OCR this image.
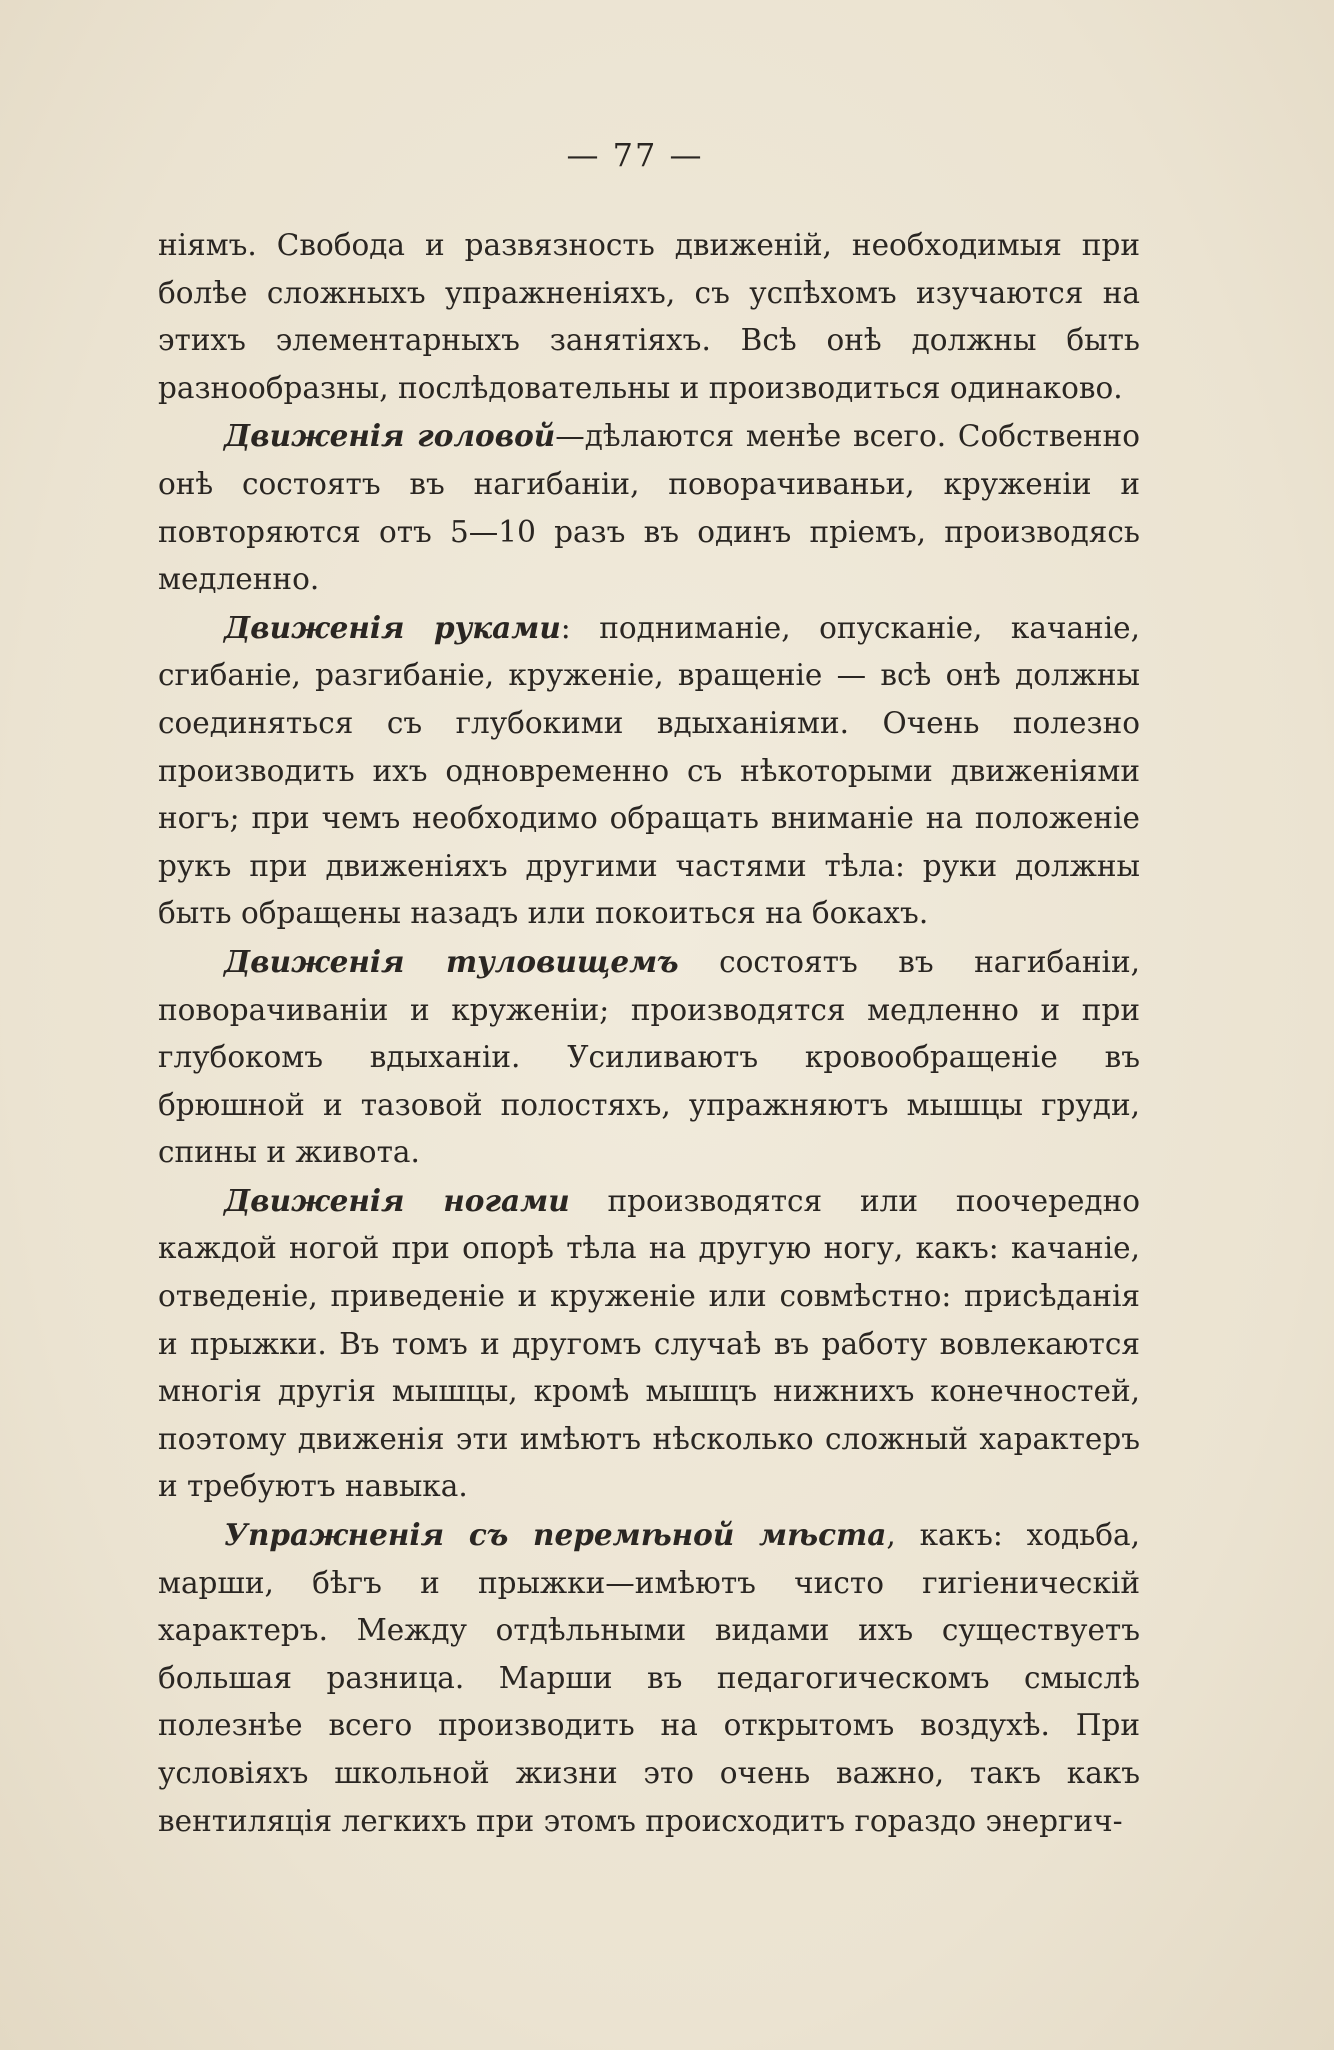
— 77 —

ніямъ. Свобода и развязность движеній, необходимыя при болѣе сложныхъ упражненіяхъ, съ успѣхомъ изучаются на этихъ элементарныхъ занятіяхъ. Всѣ онѣ должны быть разнообразны, послѣдовательны и производиться одинаково.

Движенія головой—дѣлаются менѣе всего. Собственно онѣ состоятъ въ нагибаніи, поворачиваньи, круженіи и повторяются отъ 5—10 разъ въ одинъ пріемъ, производясь медленно.

Движенія руками: подниманіе, опусканіе, качаніе, сгибаніе, разгибаніе, круженіе, вращеніе — всѣ онѣ должны соединяться съ глубокими вдыханіями. Очень полезно производить ихъ одновременно съ нѣкоторыми движеніями ногъ; при чемъ необходимо обращать вниманіе на положеніе рукъ при движеніяхъ другими частями тѣла: руки должны быть обращены назадъ или покоиться на бокахъ.

Движенія туловищемъ состоятъ въ нагибаніи, поворачиваніи и круженіи; производятся медленно и при глубокомъ вдыханіи. Усиливаютъ кровообращеніе въ брюшной и тазовой полостяхъ, упражняютъ мышцы груди, спины и живота.

Движенія ногами производятся или поочередно каждой ногой при опорѣ тѣла на другую ногу, какъ: качаніе, отведеніе, приведеніе и круженіе или совмѣстно: присѣданія и прыжки. Въ томъ и другомъ случаѣ въ работу вовлекаются многія другія мышцы, кромѣ мышцъ нижнихъ конечностей, поэтому движенія эти имѣютъ нѣсколько сложный характеръ и требуютъ навыка.

Упражненія съ перемѣной мѣста, какъ: ходьба, марши, бѣгъ и прыжки—имѣютъ чисто гигіеническій характеръ. Между отдѣльными видами ихъ существуетъ большая разница. Марши въ педагогическомъ смыслѣ полезнѣе всего производить на открытомъ воздухѣ. При условіяхъ школьной жизни это очень важно, такъ какъ вентиляція легкихъ при этомъ происходитъ гораздо энергич-
